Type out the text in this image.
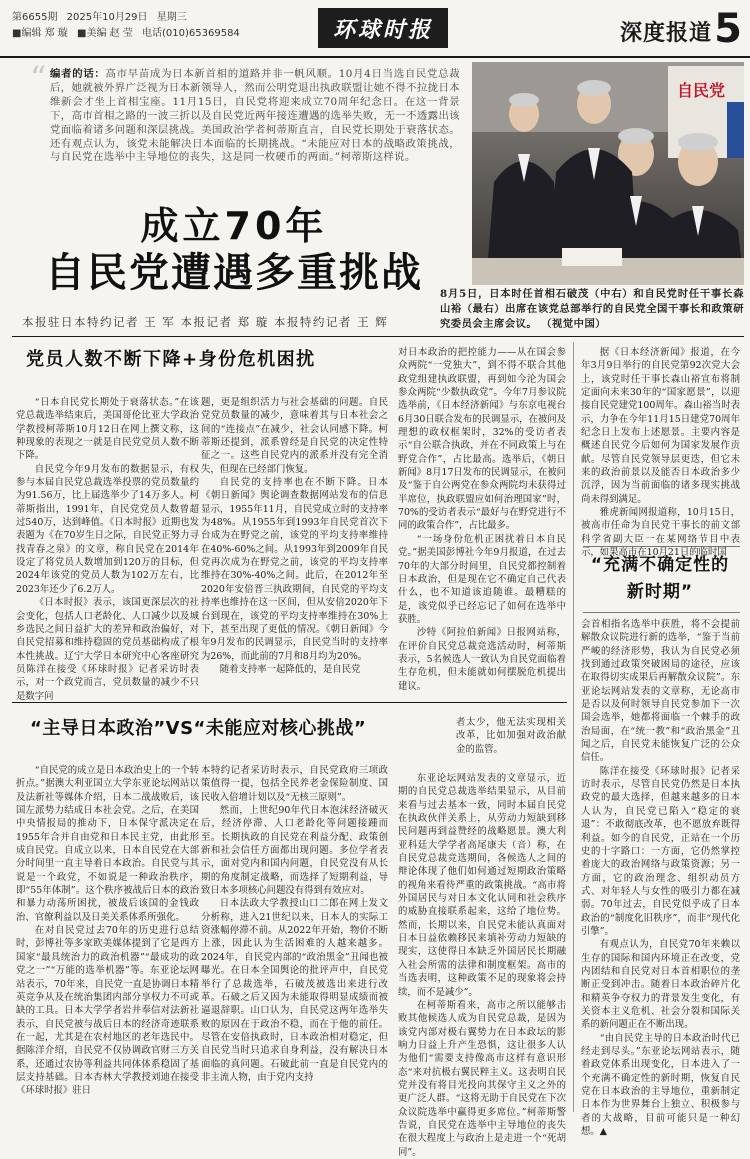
第6655期 2025年10月29日 星期三
■编辑 郑 璇 ■美编 赵 莹 电话(010)65369584	环球时报	深度报道 5
“ 编者的话：高市早苗成为日本新首相的道路并非一帆风顺。10月4日当选自民党总裁后，她就被外界广泛视为日本新领导人，然而公明党退出执政联盟让她不得不拉拢日本维新会才坐上首相宝座。11月15日，自民党将迎来成立70周年纪念日。在这一背景下，高市首相之路的一波三折以及自民党近两年接连遭遇的选举失败，无一不透露出该党面临着诸多问题和深层挑战。美国政治学者柯蒂斯直言，自民党长期处于衰落状态。还有观点认为，该党未能解决日本面临的长期挑战。“未能应对日本的战略政策挑战，与自民党在选举中主导地位的丧失，这是同一枚硬币的两面。”柯蒂斯这样说。
自民党
8月5日，日本时任首相石破茂（中右）和自民党时任干事长森山裕（最右）出席在该党总部举行的自民党全国干事长和政策研究委员会主席会议。 （视觉中国）
成立70年
自民党遭遇多重挑战
本报驻日本特约记者 王 军 本报记者 郑 璇 本报特约记者 王 辉
党员人数不断下降+身份危机困扰

“日本自民党长期处于衰落状态。”在该党总裁选举结束后，美国哥伦比亚大学政治学教授柯蒂斯10月12日在网上撰文称，这种现象的表现之一就是自民党党员人数不断下降。

自民党今年9月发布的数据显示，有权参与本届自民党总裁选举投票的党员数量约为91.56万，比上届选举少了14万多人。柯蒂斯指出，1991年，自民党党员人数曾超过540万，达到峰值。《日本时报》近期也发表题为《在70岁生日之际，自民党正努力寻找青春之泉》的文章，称自民党在2014年设定了将党员人数增加到120万的目标，但2024年该党的党员人数为102万左右，比2023年还少了6.2万人。

《日本时报》表示，该国更深层次的社会变化，包括人口老龄化、人口减少以及城乡选民之间日益扩大的差异和政治偏好，对自民党招募和维持稳固的党员基础构成了根本性挑战。辽宁大学日本研究中心客座研究员陈洋在接受《环球时报》记者采访时表示，对一个政党而言，党员数量的减少不只是数字问

题，更是组织活力与社会基础的问题。自民党党员数量的减少，意味着其与日本社会之间的“连接点”在减少，社会认同感下降。柯蒂斯还提到，派系曾经是自民党的决定性特征之一。这些自民党内的派系并没有完全消失，但现在已经部门恢复。

自民党的支持率也在不断下降。日本《朝日新闻》舆论调查数据网站发布的信息显示，1955年11月，自民党成立时的支持率为48%。从1955年到1993年自民党首次下台成为在野党之前，该党的平均支持率维持在40%-60%之间。从1993年到2009年自民党再次成为在野党之前，该党的平均支持率维持在30%-40%之间。此后，在2012年至2020年安倍晋三执政期间，自民党的平均支持率也维持在这一区间，但从安倍2020年下台到现在，该党的平均支持率维持在30%上下，甚至出现了更低的情况。《朝日新闻》今年9月发布的民调显示，自民党当时的支持率为26%，而此前的7月和8月均为20%。

随着支持率一起降低的，是自民党

对日本政治的把控能力——从在国会参众两院“一党独大”，到不得不联合其他政党组建执政联盟，再到如今沦为国会参众两院“少数执政党”。今年7月参议院选举前，《日本经济新闻》与东京电视台6月30日联合发布的民调显示，在被问及理想的政权框架时，32%的受访者表示“自公联合执政，并在不同政策上与在野党合作”，占比最高。选举后，《朝日新闻》8月17日发布的民调显示，在被问及“鉴于自公两党在参众两院均未获得过半席位，执政联盟应如何治理国家”时，70%的受访者表示“最好与在野党进行不同的政策合作”，占比最多。

“一场身份危机正困扰着日本自民党。”据美国彭博社今年9月报道，在过去70年的大部分时间里，自民党都控制着日本政治，但是现在它不确定自己代表什么，也不知道该追随谁。最糟糕的是，该党似乎已经忘记了如何在选举中获胜。

沙特《阿拉伯新闻》日报网站称，在评价自民党总裁竞选活动时，柯蒂斯表示，5名候选人一致认为自民党面临着生存危机，但未能就如何摆脱危机提出建议。

据《日本经济新闻》报道，在今年3月9日举行的自民党第92次党大会上，该党时任干事长森山裕宣布将制定面向未来30年的“国家愿景”，以迎接自民党建党100周年。森山裕当时表示，力争在今年11月15日建党70周年纪念日上发布上述愿景。主要内容是概述自民党今后如何为国家发展作贡献。尽管自民党领导层更迭，但它未来的政治前景以及能否日本政治多少沉浮，因为当前面临的诸多现实挑战尚未得到满足。

雅虎新闻网报道称，10月15日，被高市任命为自民党干事长的前文部科学省副大臣一在某网络节目中表示，如果高市在10月21日的临时国

“充满不确定性的新时期”

会首相指名选举中获胜，将不会提前解散众议院进行新的选举，“鉴于当前严峻的经济形势，我认为自民党必须找到通过政策突破困局的途径，应该在取得切实成果后再解散众议院”。东亚论坛网站发表的文章称，无论高市是否以及何时领导自民党参加下一次国会选举，她都将面临一个棘手的政治局面，在“统一教”和“政治黑金”丑闻之后，自民党未能恢复广泛的公众信任。

陈洋在接受《环球时报》记者采访时表示，尽管自民党仍然是日本执政党的最大选择，但越来越多的日本人认为，自民党已陷入“稳定的衰退”：不敢彻底改革，也不愿放弃既得利益。如今的自民党，正站在一个历史的十字路口：一方面，它仍然掌控着庞大的政治网络与政策资源；另一方面，它的政治理念、组织动员方式、对年轻人与女性的吸引力都在减弱。70年过去，自民党似乎成了日本政治的“制度化旧秩序”，而非“现代化引擎”。

有观点认为，自民党70年来赖以生存的国际和国内环境正在改变，党内团结和自民党对日本首相职位的垄断正受到冲击。随着日本政治碎片化和精英争夺权力的背景发生变化，有关资本主义危机、社会分裂和国际关系的新问题正在不断出现。

“由自民党主导的日本政治时代已经走到尽头。”东亚论坛网站表示，随着政党体系出现变化，日本进入了一个充满不确定性的新时期，恢复自民党在日本政治的主导地位，重新制定日本作为世界舞台上独立、积极参与者的大战略，目前可能只是一种幻想。▲

“主导日本政治”VS“未能应对核心挑战”

“自民党的成立是日本政治史上的一个转折点。”据澳大利亚国立大学东亚论坛网站以及法新社等媒体介绍，日本二战战败后，该国左派势力结成日本社会党。之后，在美国中央情报局的推动下，日本保守派决定在1955年合并自由党和日本民主党，由此形成自民党。自成立以来，日本自民党在大部分时间里一直主导着日本政治。自民党与其说是一个政党，不如说是一种政治秩序，即“55年体制”。这个秩序被战后日本的政治和暴力动荡所困扰，被战后该国的金钱政治、官僚利益以及日美关系体系所强化。

在对自民党过去70年的历史进行总结时，彭博社等多家欧美媒体提到了它是西方国家“最具统治力的政治机器”“最成功的政党之一”“万能的选举机器”等。东亚论坛网站表示，70年来，自民党一直是协调日本精英竞争从及在统治集团内部分享权力不可或缺的工具。日本大学学者岩井奉信对法新社表示，自民党被与战后日本的经济奇迹联系在一起，尤其是在农村地区的老年选民中。据陈洋介绍，自民党不仅协调政官财三方关系，还通过农协等利益共同体体系稳固了基层支持基础。日本杏林大学教授刘迪在接受《环球时报》驻日

本特约记者采访时表示，自民党政府三项政策值得一提，包括全民养老金保险制度、国民收入倍增计划以及“无核三原则”。

然而，上世纪90年代日本泡沫经济破灭后，经济停滞、人口老龄化等问题接踵而至。长期执政的自民党在利益分配、政策创新和社会信任方面都出现问题。多位学者表示，面对党内和国内问题，自民党没有从长期的角度制定战略，而选择了短期利益，导致日本多项核心问题没有得到有效应对。

日本法政大学教授山口二郎在网上发文分析称，进入21世纪以来，日本人的实际工资涨幅停滞不前。从2022年开始，物价不断上涨，因此认为生活困难的人越来越多。2024年，自民党内部的“政治黑金”丑闻也被曝光。在日本全国舆论的批评声中，自民党举行了总裁选举，石破茂被选出来进行改革。石破之后又因为未能取得明显成绩而被逼退辞职。山口认为，自民党这两年选举失败的原因在于政治不稳，而在于他的前任。尽管在安倍执政时，日本政治相对稳定，但自民党当时只追求自身利益，没有解决日本面临的真问题。石破此前一直是自民党内的非主流人物，由于党内支持

者太少，他无法实现相关改革，比如加强对政治献金的监管。

东亚论坛网站发表的文章显示，近期的自民党总裁选举结果显示，从目前来看与过去基本一致，同时本届自民党在执政伙伴关系上，从劳动力短缺到移民问题再到益赞经的战略愿景。澳大利亚科廷大学学者高尾康夫（音）称，在自民党总裁竞选期间，各候选人之间的辩论体现了他们如何通过短期政治策略的视角来看待严重的政策挑战。“高市将外国居民与对日本文化认同和社会秩序的威胁直接联系起来，这给了地位势。然而，长期以来，自民党未能认真面对日本日益依赖移民来填补劳动力短缺的现实，这使得日本缺乏外国居民长期融入社会所需的法律和制度框架。高市的当选表明，这种政策不足的现象将会持续，而不是减少”。

在柯蒂斯看来，高市之所以能够击败其他候选人成为自民党总裁，是因为该党内部对极右翼势力在日本政坛的影响力日益上升产生恐惧，这让很多人认为他们“需要支持像高市这样有意识形态“来对抗极右翼民粹主义。这表明自民党并没有将目光投向其保守主义之外的更广泛人群。“这将无助于自民党在下次众议院选举中赢得更多席位。”柯蒂斯警告说，自民党在选举中主导地位的丧失在很大程度上与政治上是走进一个“死胡同”。
